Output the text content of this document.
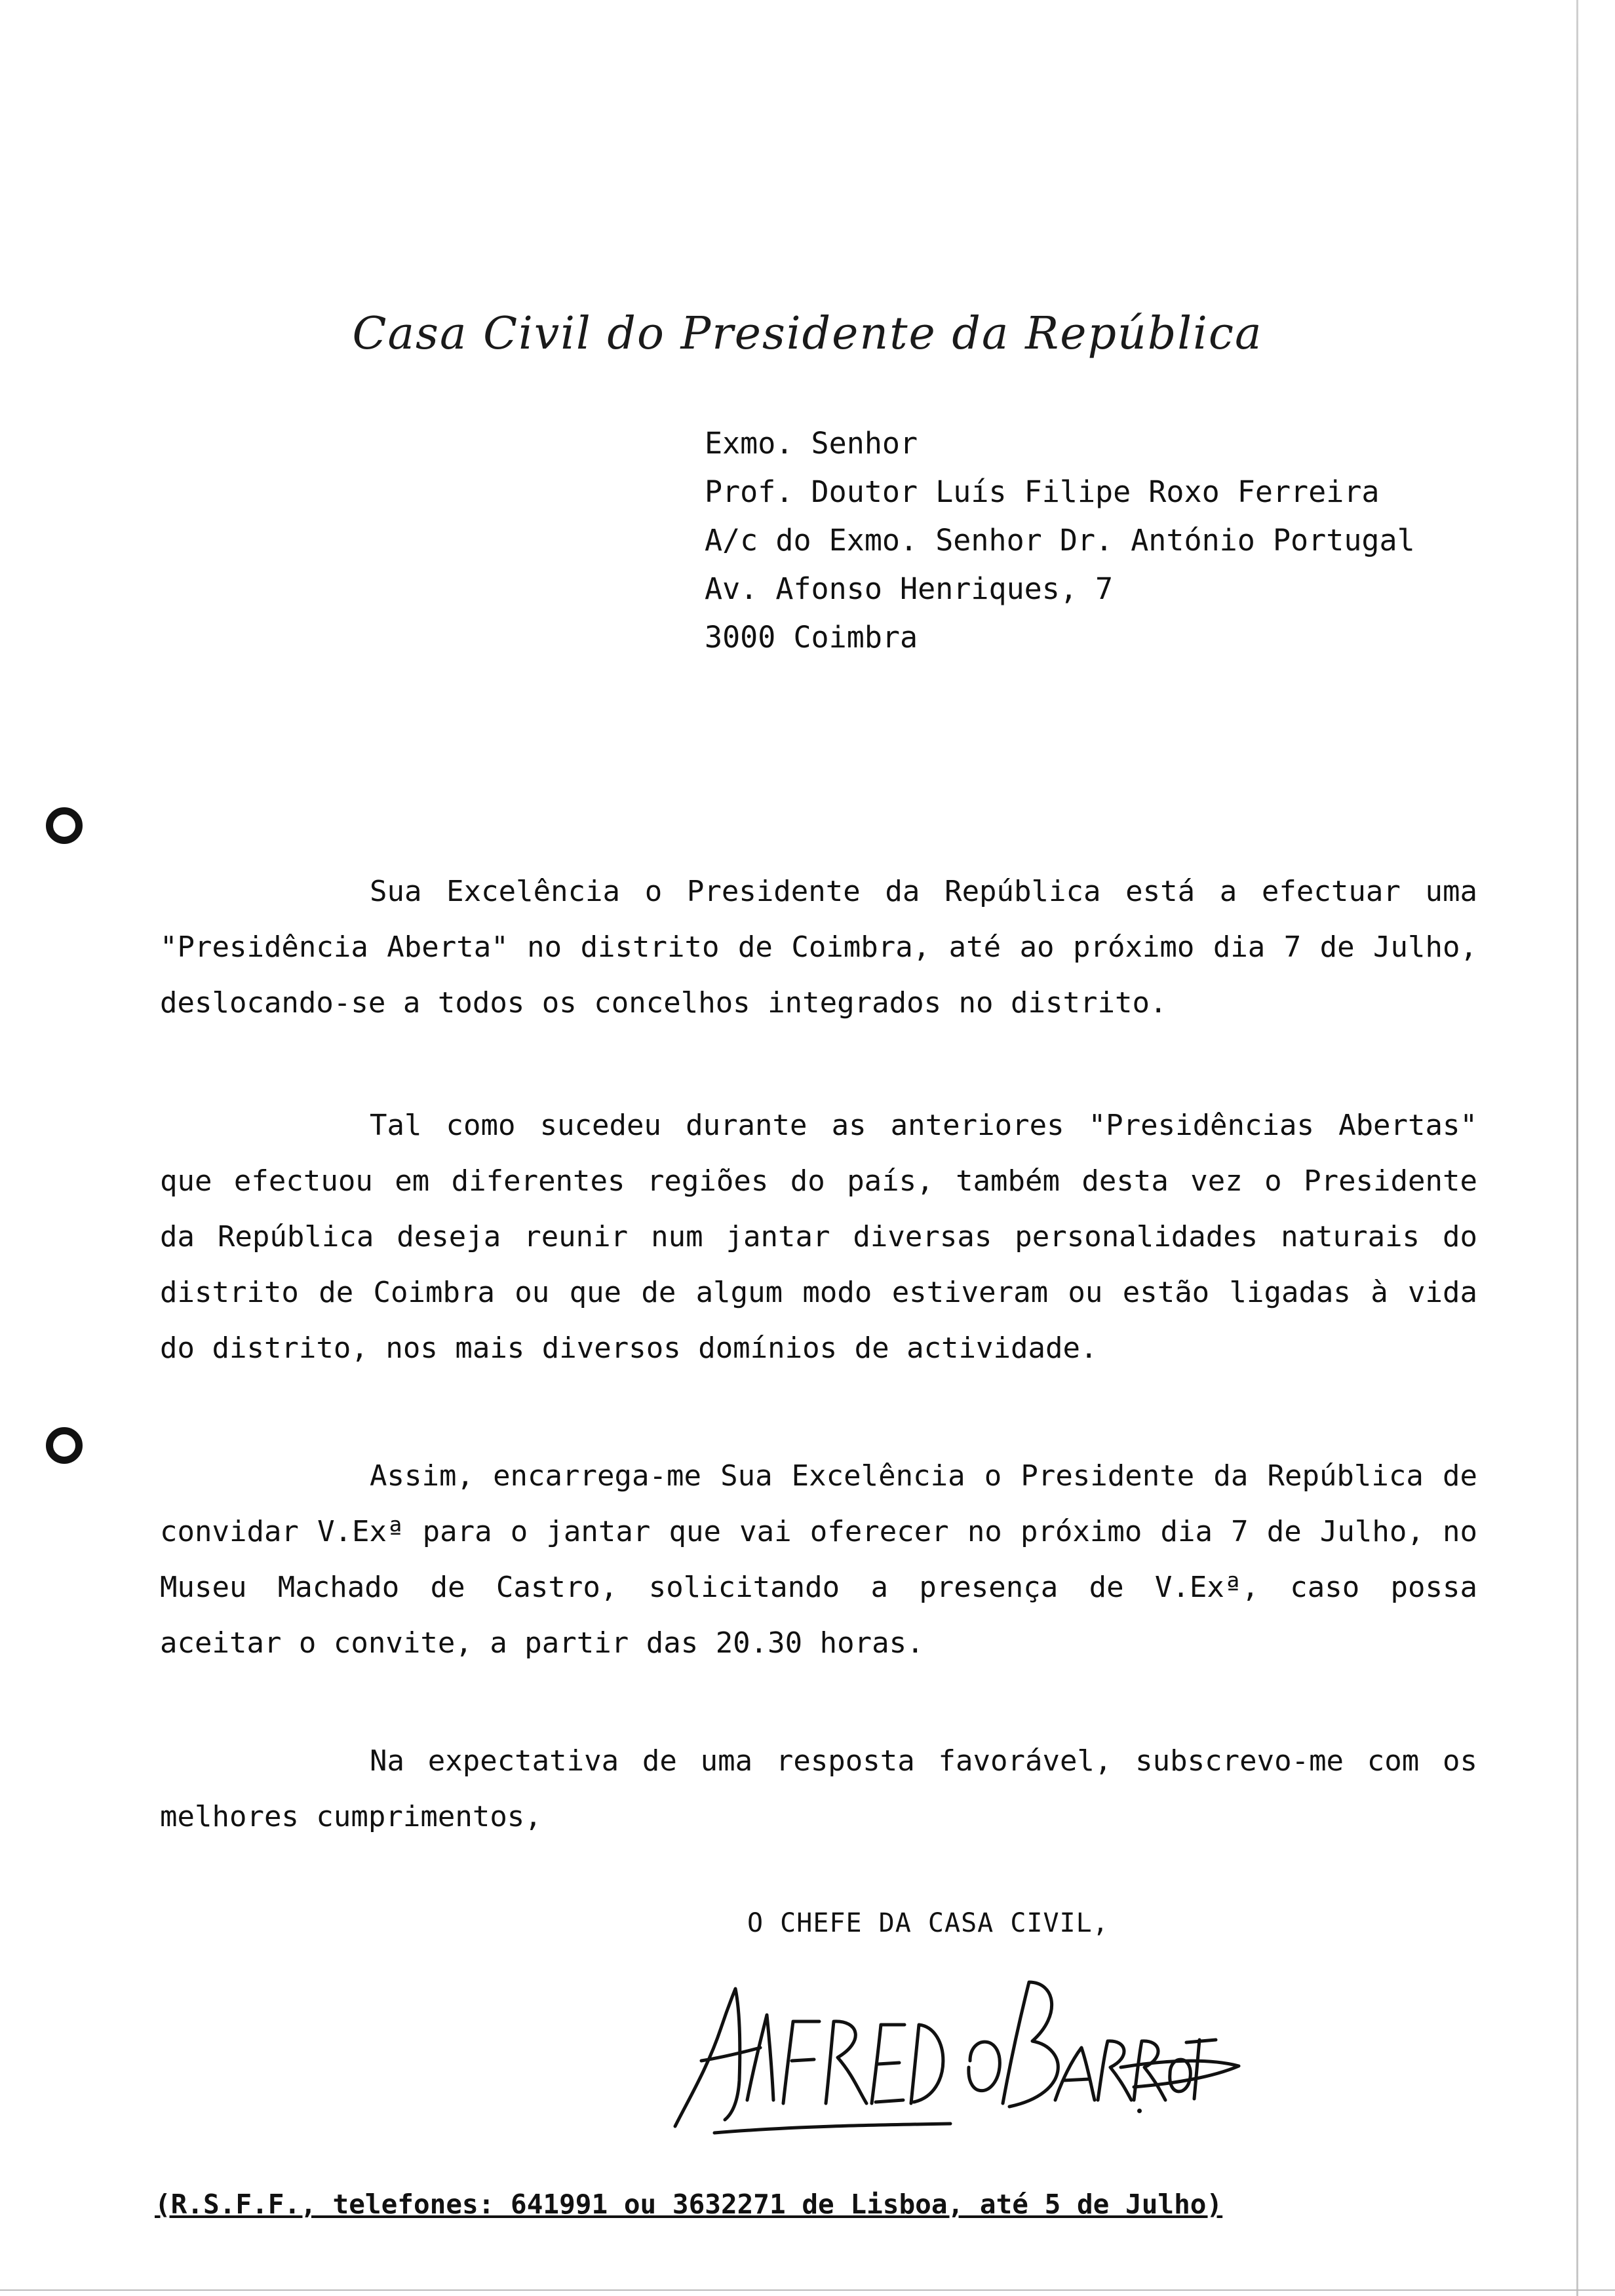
Casa Civil do Presidente da República
Exmo. Senhor
Prof. Doutor Luís Filipe Roxo Ferreira
A/c do Exmo. Senhor Dr. António Portugal
Av. Afonso Henriques, 7
3000 Coimbra

Sua Excelência o Presidente da República está a efectuar uma "Presidência Aberta" no distrito de Coimbra, até ao próximo dia 7 de Julho, deslocando-se a todos os concelhos integrados no distrito.

Tal como sucedeu durante as anteriores "Presidências Abertas" que efectuou em diferentes regiões do país, também desta vez o Presidente da República deseja reunir num jantar diversas personalidades naturais do distrito de Coimbra ou que de algum modo estiveram ou estão ligadas à vida do distrito, nos mais diversos domínios de actividade.

Assim, encarrega-me Sua Excelência o Presidente da República de convidar V.Exª para o jantar que vai oferecer no próximo dia 7 de Julho, no Museu Machado de Castro, solicitando a presença de V.Exª, caso possa aceitar o convite, a partir das 20.30 horas.

Na expectativa de uma resposta favorável, subscrevo-me com os melhores cumprimentos,

O CHEFE DA CASA CIVIL,
(R.S.F.F., telefones: 641991 ou 3632271 de Lisboa, até 5 de Julho)
